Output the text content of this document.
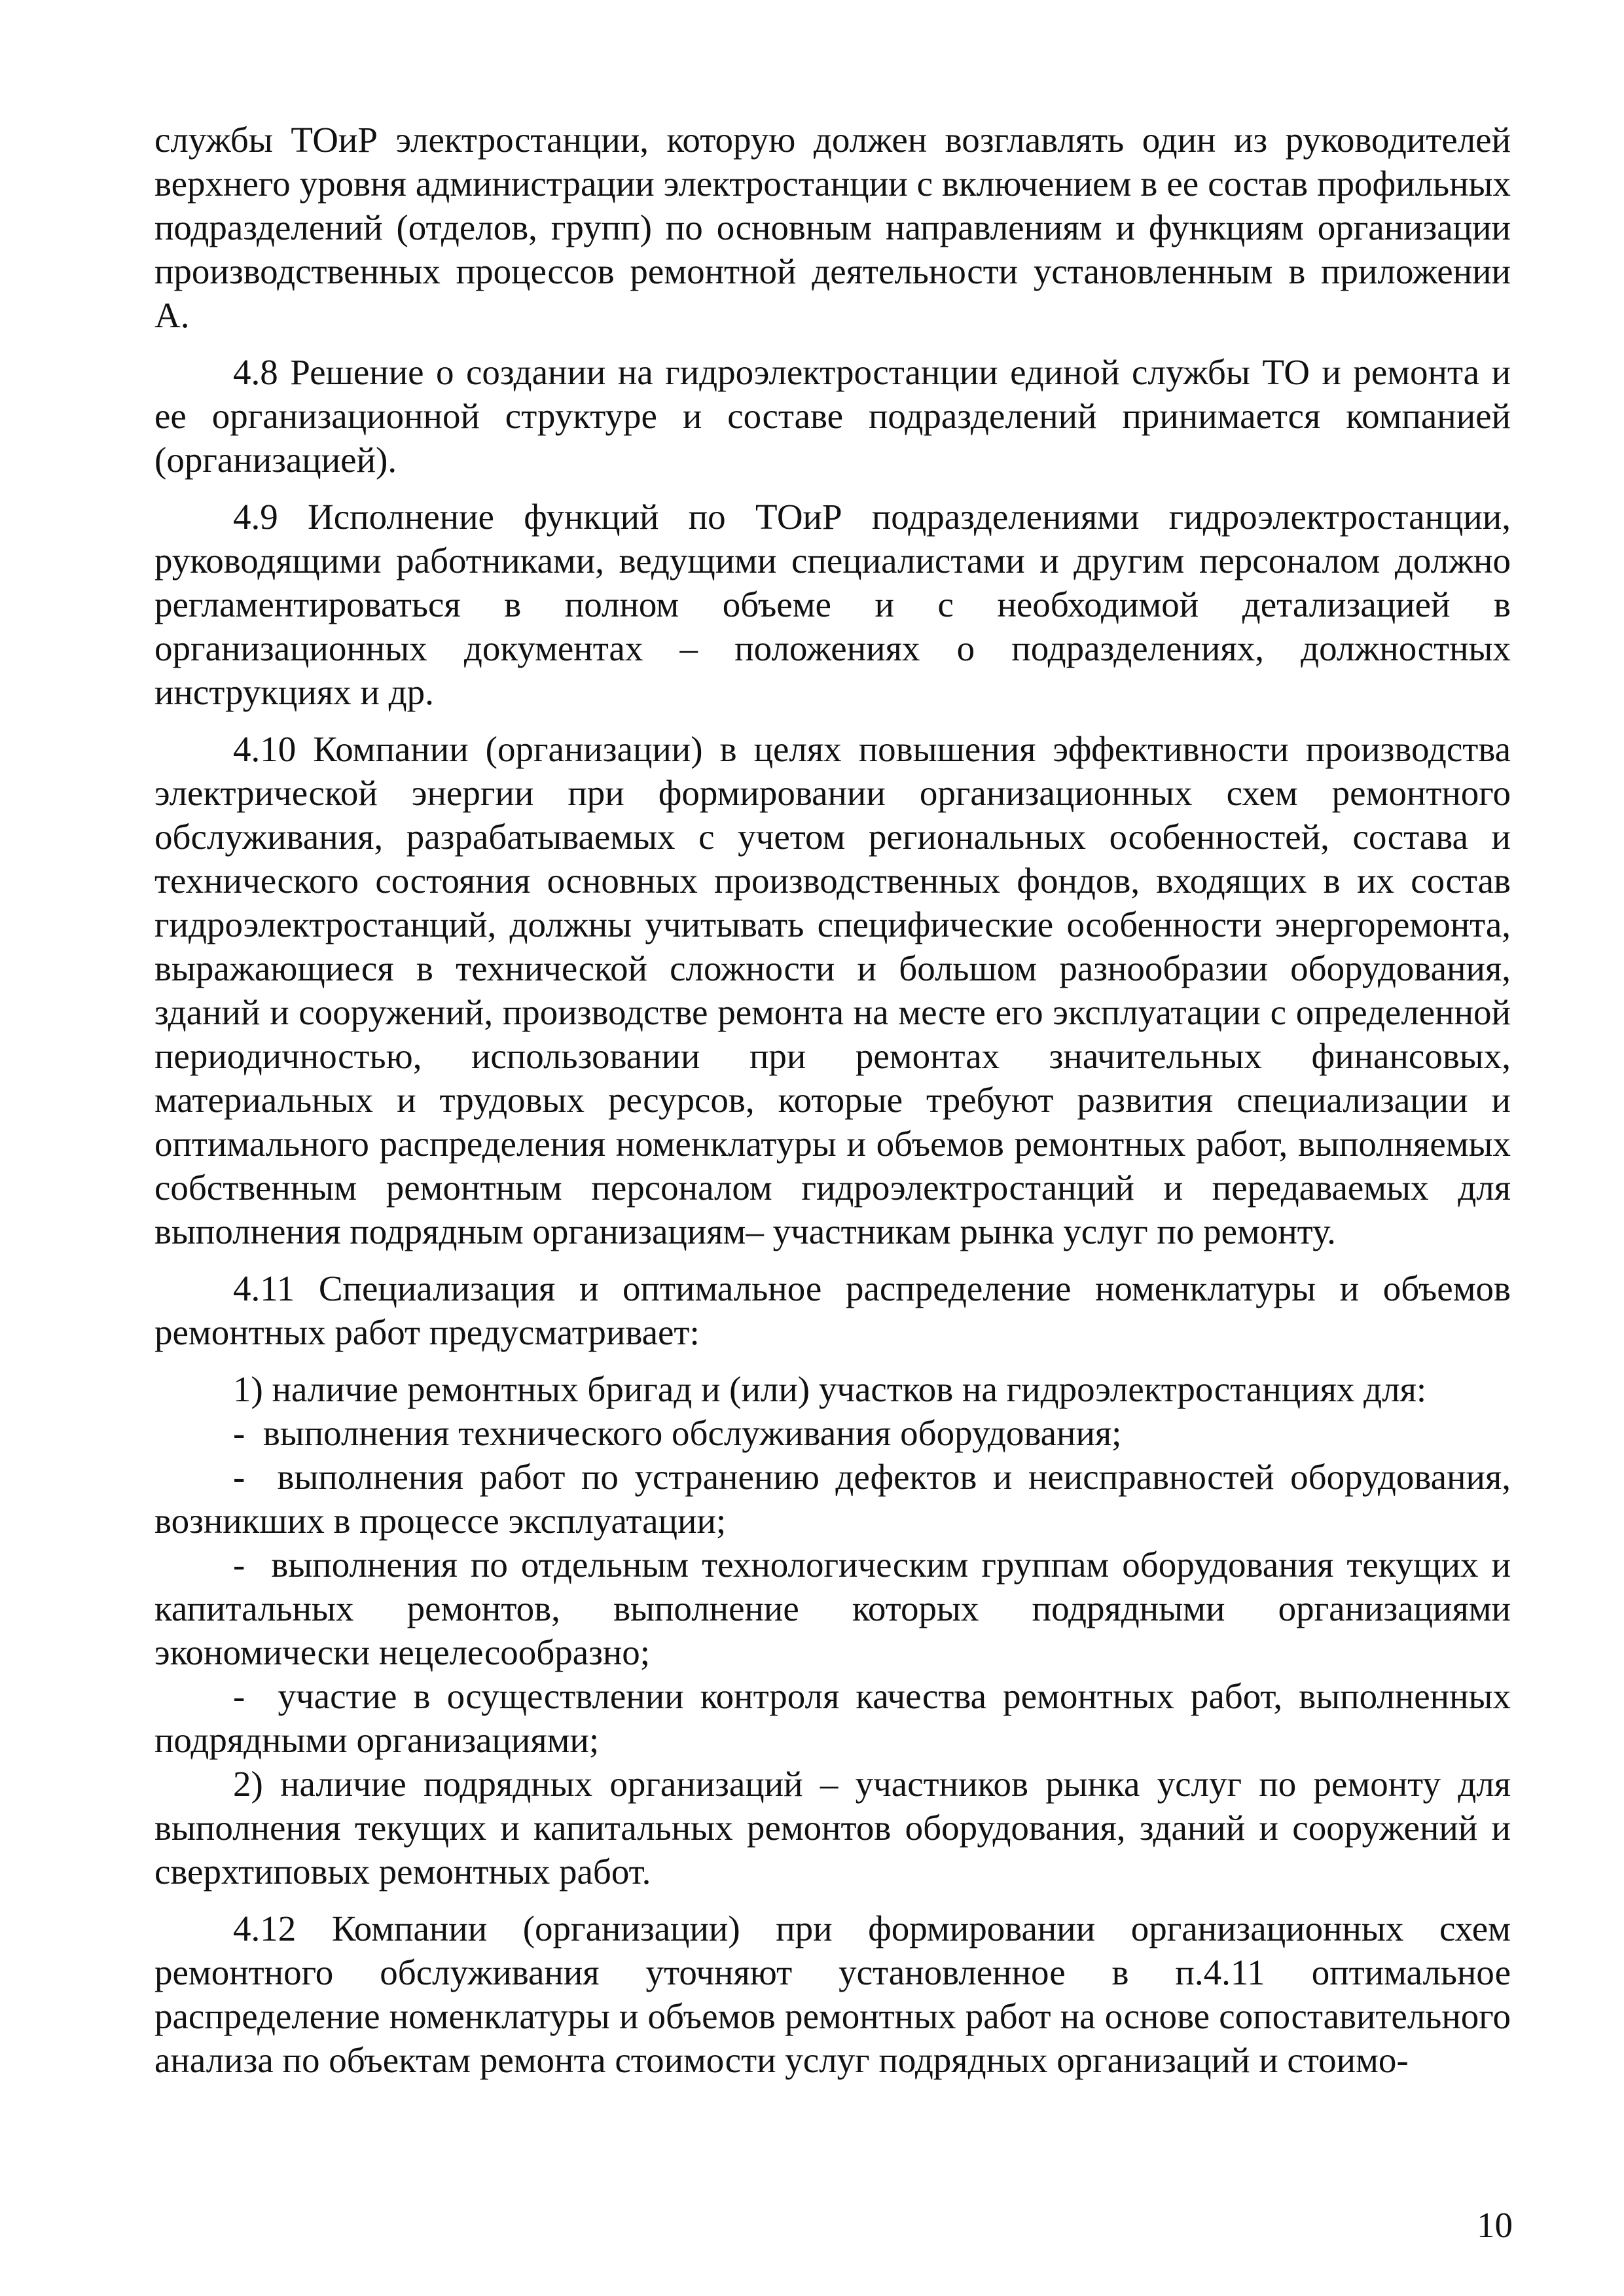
службы ТОиР электростанции, которую должен возглавлять один из руководителей верхнего уровня администрации электростанции с включением в ее состав профильных подразделений (отделов, групп) по основным направлениям и функциям организации производственных процессов ремонтной деятельности установленным в приложении А.

4.8 Решение о создании на гидроэлектростанции единой службы ТО и ремонта и ее организационной структуре и составе подразделений принимается компанией (организацией).

4.9 Исполнение функций по ТОиР подразделениями гидроэлектростанции, руководящими работниками, ведущими специалистами и другим персоналом должно регламентироваться в полном объеме и с необходимой детализацией в организационных документах – положениях о подразделениях, должностных инструкциях и др.

4.10 Компании (организации) в целях повышения эффективности производства электрической энергии при формировании организационных схем ремонтного обслуживания, разрабатываемых с учетом региональных особенностей, состава и технического состояния основных производственных фондов, входящих в их состав гидроэлектростанций, должны учитывать специфические особенности энергоремонта, выражающиеся в технической сложности и большом разнообразии оборудования, зданий и сооружений, производстве ремонта на месте его эксплуатации с определенной периодичностью, использовании при ремонтах значительных финансовых, материальных и трудовых ресурсов, которые требуют развития специализации и оптимального распределения номенклатуры и объемов ремонтных работ, выполняемых собственным ремонтным персоналом гидроэлектростанций и передаваемых для выполнения подрядным организациям– участникам рынка услуг по ремонту.

4.11 Специализация и оптимальное распределение номенклатуры и объемов ремонтных работ предусматривает:

1) наличие ремонтных бригад и (или) участков на гидроэлектростанциях для:

-  выполнения технического обслуживания оборудования;

-  выполнения работ по устранению дефектов и неисправностей оборудования, возникших в процессе эксплуатации;

-  выполнения по отдельным технологическим группам оборудования текущих и капитальных ремонтов, выполнение которых подрядными организациями экономически нецелесообразно;

-  участие в осуществлении контроля качества ремонтных работ, выполненных подрядными организациями;

2) наличие подрядных организаций – участников рынка услуг по ремонту для выполнения текущих и капитальных ремонтов оборудования, зданий и сооружений и сверхтиповых ремонтных работ.

4.12 Компании (организации) при формировании организационных схем ремонтного обслуживания уточняют установленное в п.4.11 оптимальное распределение номенклатуры и объемов ремонтных работ на основе сопоставительного анализа по объектам ремонта стоимости услуг подрядных организаций и стоимо-

10
